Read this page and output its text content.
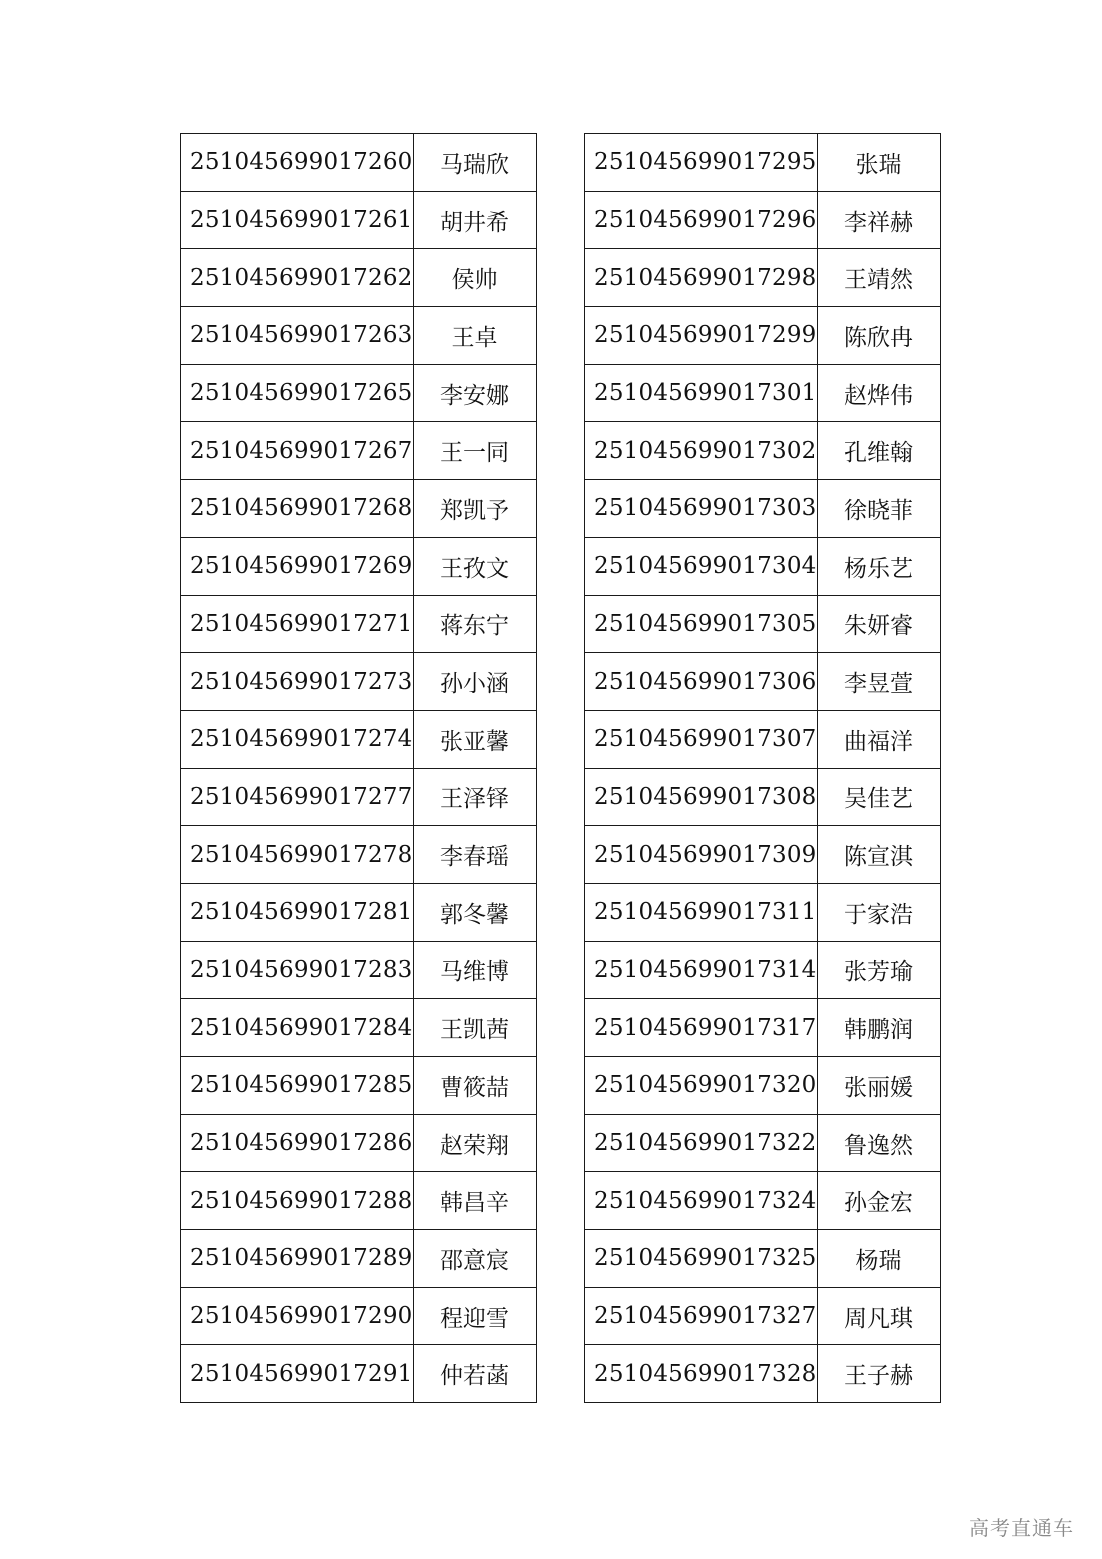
251045699017260	马瑞欣
251045699017261	胡井希
251045699017262	侯帅
251045699017263	王卓
251045699017265	李安娜
251045699017267	王一同
251045699017268	郑凯予
251045699017269	王孜文
251045699017271	蒋东宁
251045699017273	孙小涵
251045699017274	张亚馨
251045699017277	王泽铎
251045699017278	李春瑶
251045699017281	郭冬馨
251045699017283	马维博
251045699017284	王凯茜
251045699017285	曹筱喆
251045699017286	赵荣翔
251045699017288	韩昌辛
251045699017289	邵意宸
251045699017290	程迎雪
251045699017291	仲若菡
251045699017295	张瑞
251045699017296	李祥赫
251045699017298	王靖然
251045699017299	陈欣冉
251045699017301	赵烨伟
251045699017302	孔维翰
251045699017303	徐晓菲
251045699017304	杨乐艺
251045699017305	朱妍睿
251045699017306	李昱萱
251045699017307	曲福洋
251045699017308	吴佳艺
251045699017309	陈宣淇
251045699017311	于家浩
251045699017314	张芳瑜
251045699017317	韩鹏润
251045699017320	张丽媛
251045699017322	鲁逸然
251045699017324	孙金宏
251045699017325	杨瑞
251045699017327	周凡琪
251045699017328	王子赫
高考直通车
